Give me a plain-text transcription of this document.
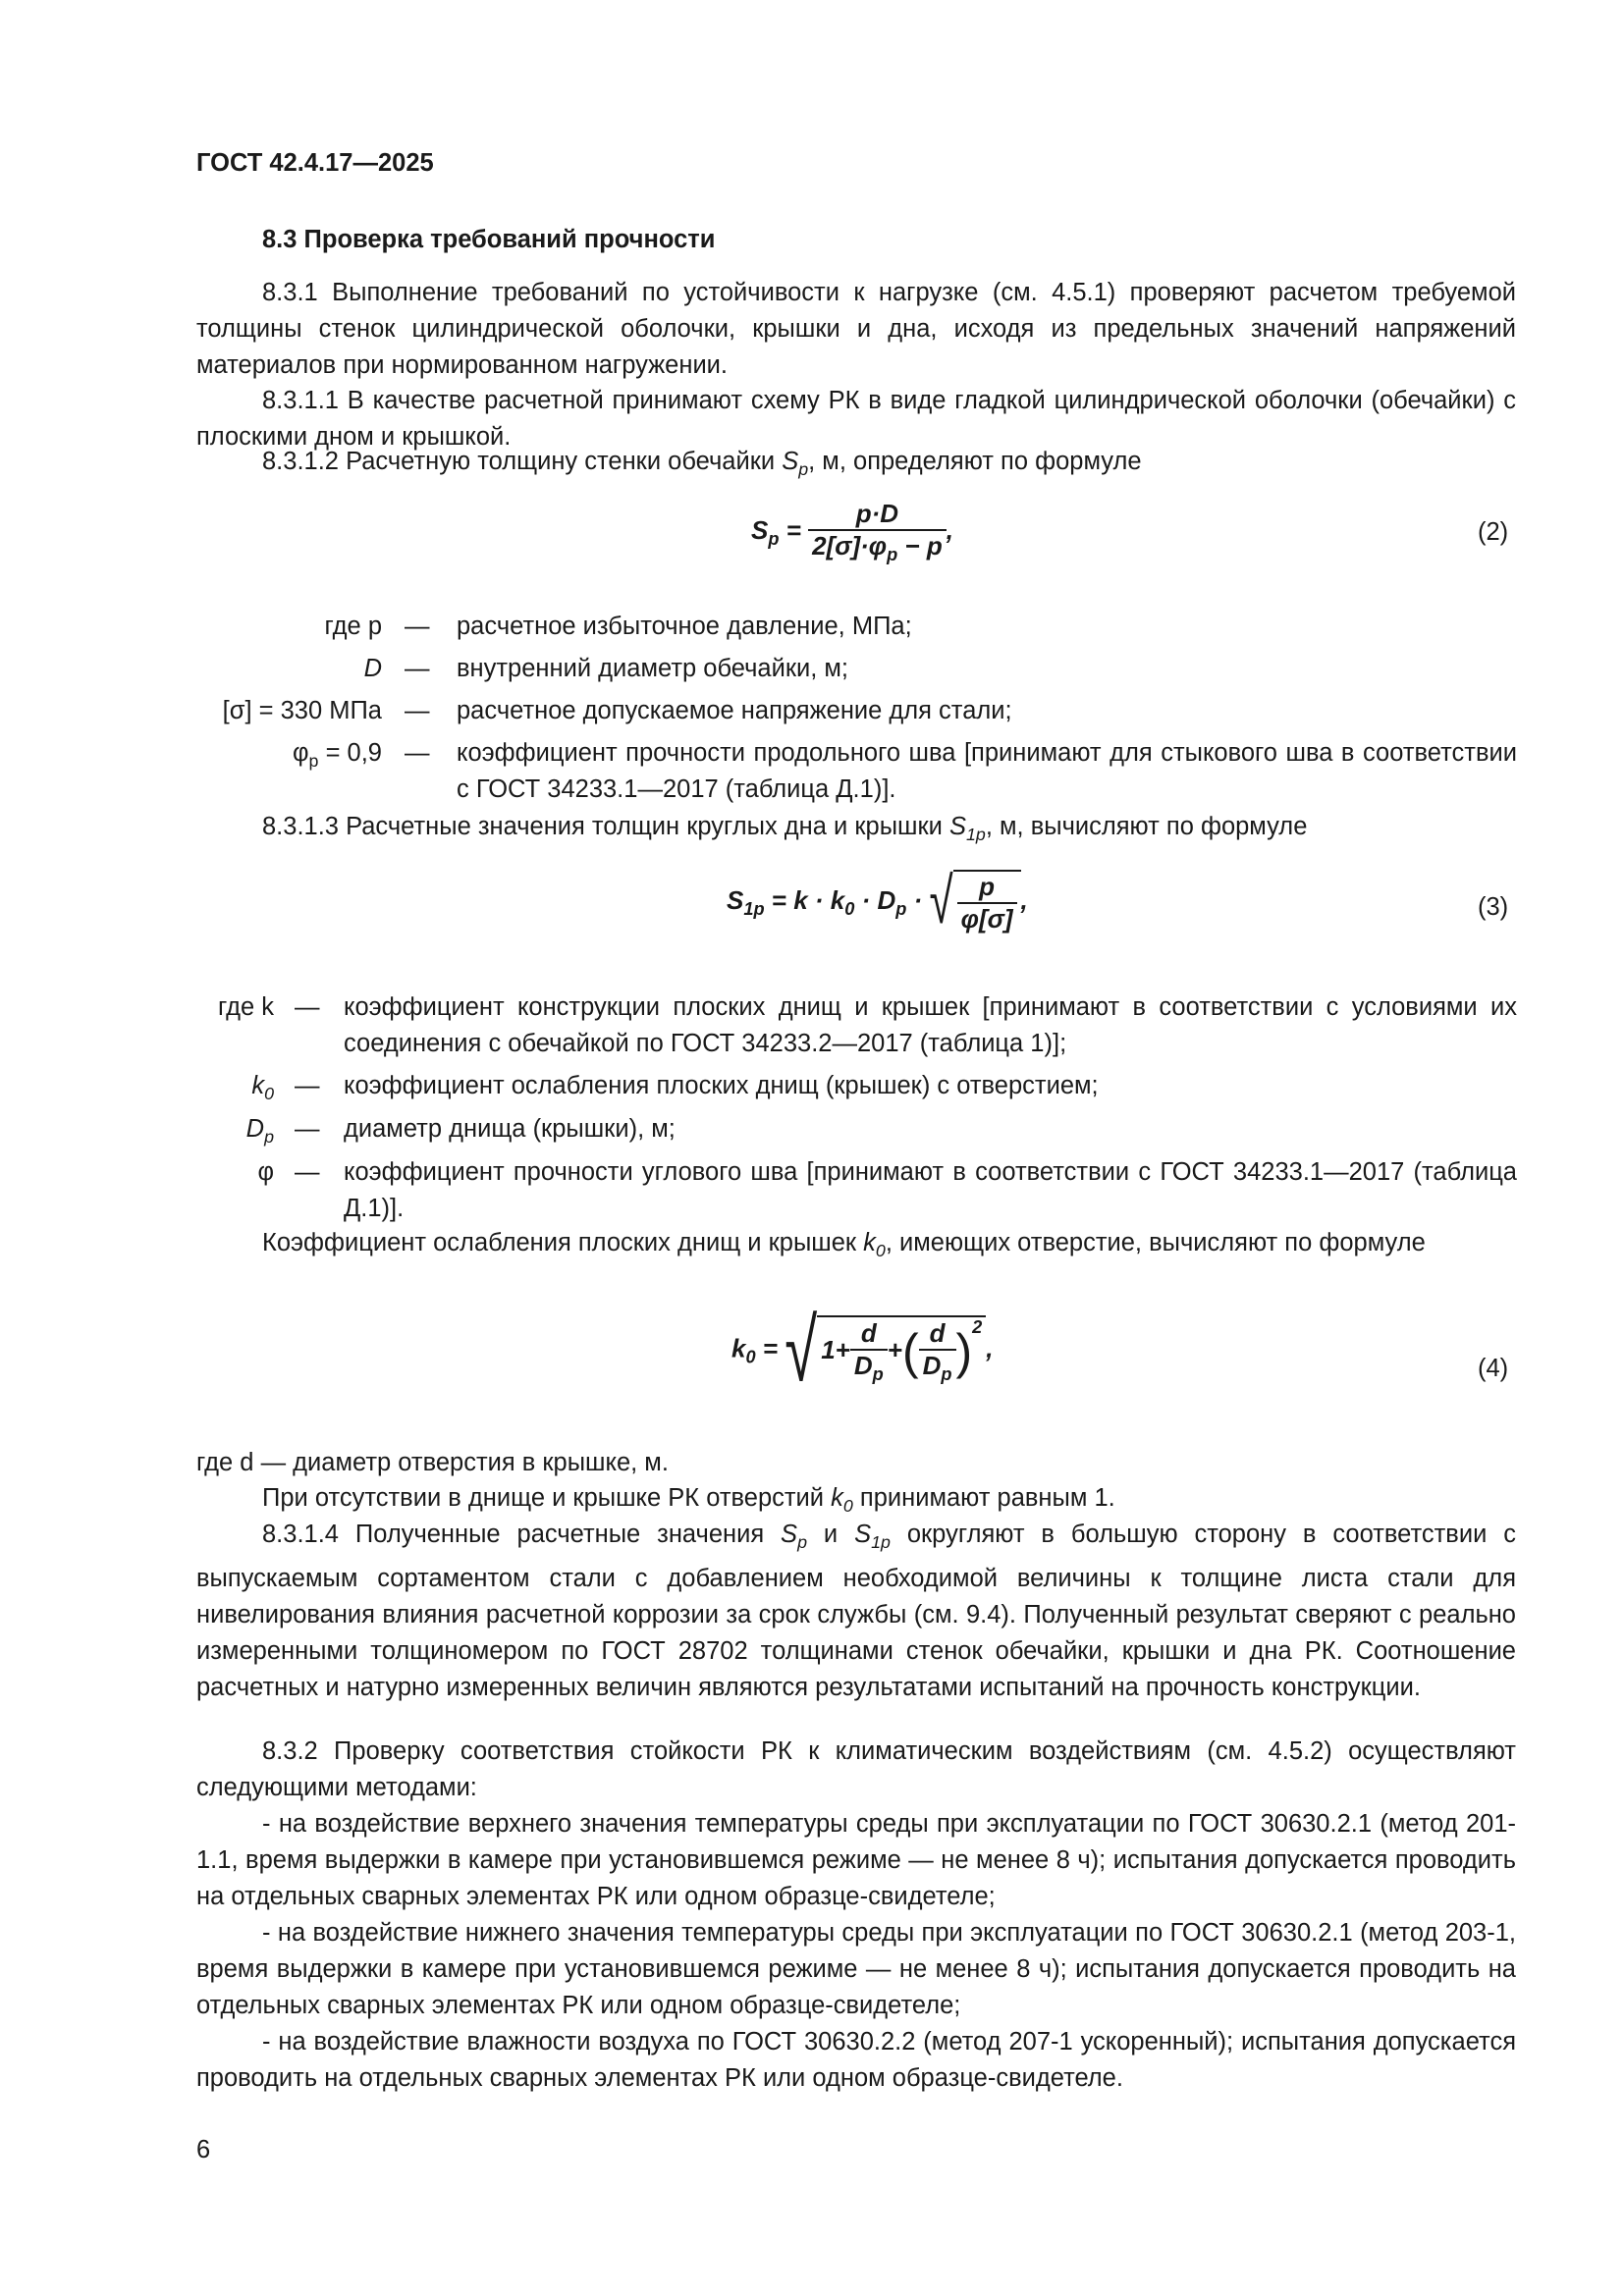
ГОСТ 42.4.17—2025
8.3 Проверка требований прочности
8.3.1 Выполнение требований по устойчивости к нагрузке (см. 4.5.1) проверяют расчетом требуемой толщины стенок цилиндрической оболочки, крышки и дна, исходя из предельных значений напряжений материалов при нормированном нагружении.
8.3.1.1 В качестве расчетной принимают схему РК в виде гладкой цилиндрической оболочки (обечайки) с плоскими дном и крышкой.
8.3.1.2 Расчетную толщину стенки обечайки $S_p$, м, определяют по формуле
$S_p = \frac{p\cdot D}{2[\sigma]\cdot\varphi_p - p}$ ,	(2)
где p — расчетное избыточное давление, МПа;
D — внутренний диаметр обечайки, м;
[σ] = 330 МПа — расчетное допускаемое напряжение для стали;
$\varphi_p = 0,9$ — коэффициент прочности продольного шва [принимают для стыкового шва в соответствии с ГОСТ 34233.1—2017 (таблица Д.1)].
8.3.1.3 Расчетные значения толщин круглых дна и крышки $S_{1p}$, м, вычисляют по формуле
$S_{1p} = k \cdot k_0 \cdot D_p$ · √ $\frac{p}{\varphi[\sigma]}$ ,	(3)
где k — коэффициент конструкции плоских днищ и крышек [принимают в соответствии с условиями их соединения с обечайкой по ГОСТ 34233.2—2017 (таблица 1)];
$k_0$ — коэффициент ослабления плоских днищ (крышек) с отверстием;
$D_p$ — диаметр днища (крышки), м;
φ — коэффициент прочности углового шва [принимают в соответствии с ГОСТ 34233.1—2017 (таблица Д.1)].
Коэффициент ослабления плоских днищ и крышек $k_0$, имеющих отверстие, вычисляют по формуле
$k_0$ = √ $1+ \frac{d}{D_p}$ +( $\frac{d}{D_p} )^2$,
(4)
где d — диаметр отверстия в крышке, м.
При отсутствии в днище и крышке РК отверстий $k_0$ принимают равным 1.
8.3.1.4 Полученные расчетные значения $S_p$ и $S_{1p}$ округляют в большую сторону в соответствии с выпускаемым сортаментом стали с добавлением необходимой величины к толщине листа стали для нивелирования влияния расчетной коррозии за срок службы (см. 9.4). Полученный результат сверяют с реально измеренными толщиномером по ГОСТ 28702 толщинами стенок обечайки, крышки и дна РК. Соотношение расчетных и натурно измеренных величин являются результатами испытаний на прочность конструкции.
8.3.2 Проверку соответствия стойкости РК к климатическим воздействиям (см. 4.5.2) осуществляют следующими методами:
- на воздействие верхнего значения температуры среды при эксплуатации по ГОСТ 30630.2.1 (метод 201-1.1, время выдержки в камере при установившемся режиме — не менее 8 ч); испытания допускается проводить на отдельных сварных элементах РК или одном образце-свидетеле;
- на воздействие нижнего значения температуры среды при эксплуатации по ГОСТ 30630.2.1 (метод 203-1, время выдержки в камере при установившемся режиме — не менее 8 ч); испытания допускается проводить на отдельных сварных элементах РК или одном образце-свидетеле;
- на воздействие влажности воздуха по ГОСТ 30630.2.2 (метод 207-1 ускоренный); испытания допускается проводить на отдельных сварных элементах РК или одном образце-свидетеле.
6
